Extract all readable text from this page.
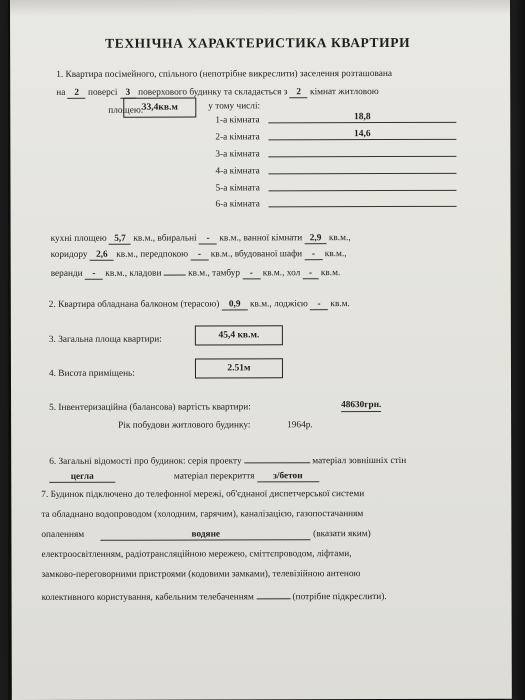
ТЕХНІЧНА ХАРАКТЕРИСТИКА КВАРТИРИ
1. Квартира посімейного, спільного (непотрібне викреслити) заселення розташована
на 2 поверсі 3 поверхового будинку та складається з 2 кімнат житловою
площею:
33,4кв.м	у тому числі:
1-а кімната	18,8
2-а кімната	14,6
3-а кімната
4-а кімната
5-а кімната
6-а кімната
кухні площею 5,7 кв.м., вбиральні - кв.м., ванної кімнати 2,9 кв.м.,
коридору 2,6 кв.м., передпокою - кв.м., вбудованої шафи - кв.м.,
веранди - кв.м., кладови	кв.м., тамбур - кв.м., хол - кв.м.
2. Квартира обладнана балконом (терасою) 0,9 кв.м., лоджією - кв.м.
3. Загальна площа квартири:	45,4 кв.м.
4. Висота приміщень:
2.51м
5. Інвентеризаційна (балансова) вартість квартири:	48630грн.
Рік побудови житлового будинку:	1964р.
6. Загальні відомості про будинок: серія проекту	матеріал зовнішніх стін
цегла	матеріал перекриття з/бетон
7. Будинок підключено до телефонної мережі, об'єднаної диспетчерської системи
та обладнано водопроводом (холодним, гарячим), каналізацією, газопостачанням
опаленням	водяне	(вказати яким)
електроосвітленням, радіотрансляційною мережею, сміттєпроводом, ліфтами,
замково-переговорними пристроями (кодовими замками), телевізійною антеною
колективного користування, кабельним телебаченням	(потрібне підкреслити).
